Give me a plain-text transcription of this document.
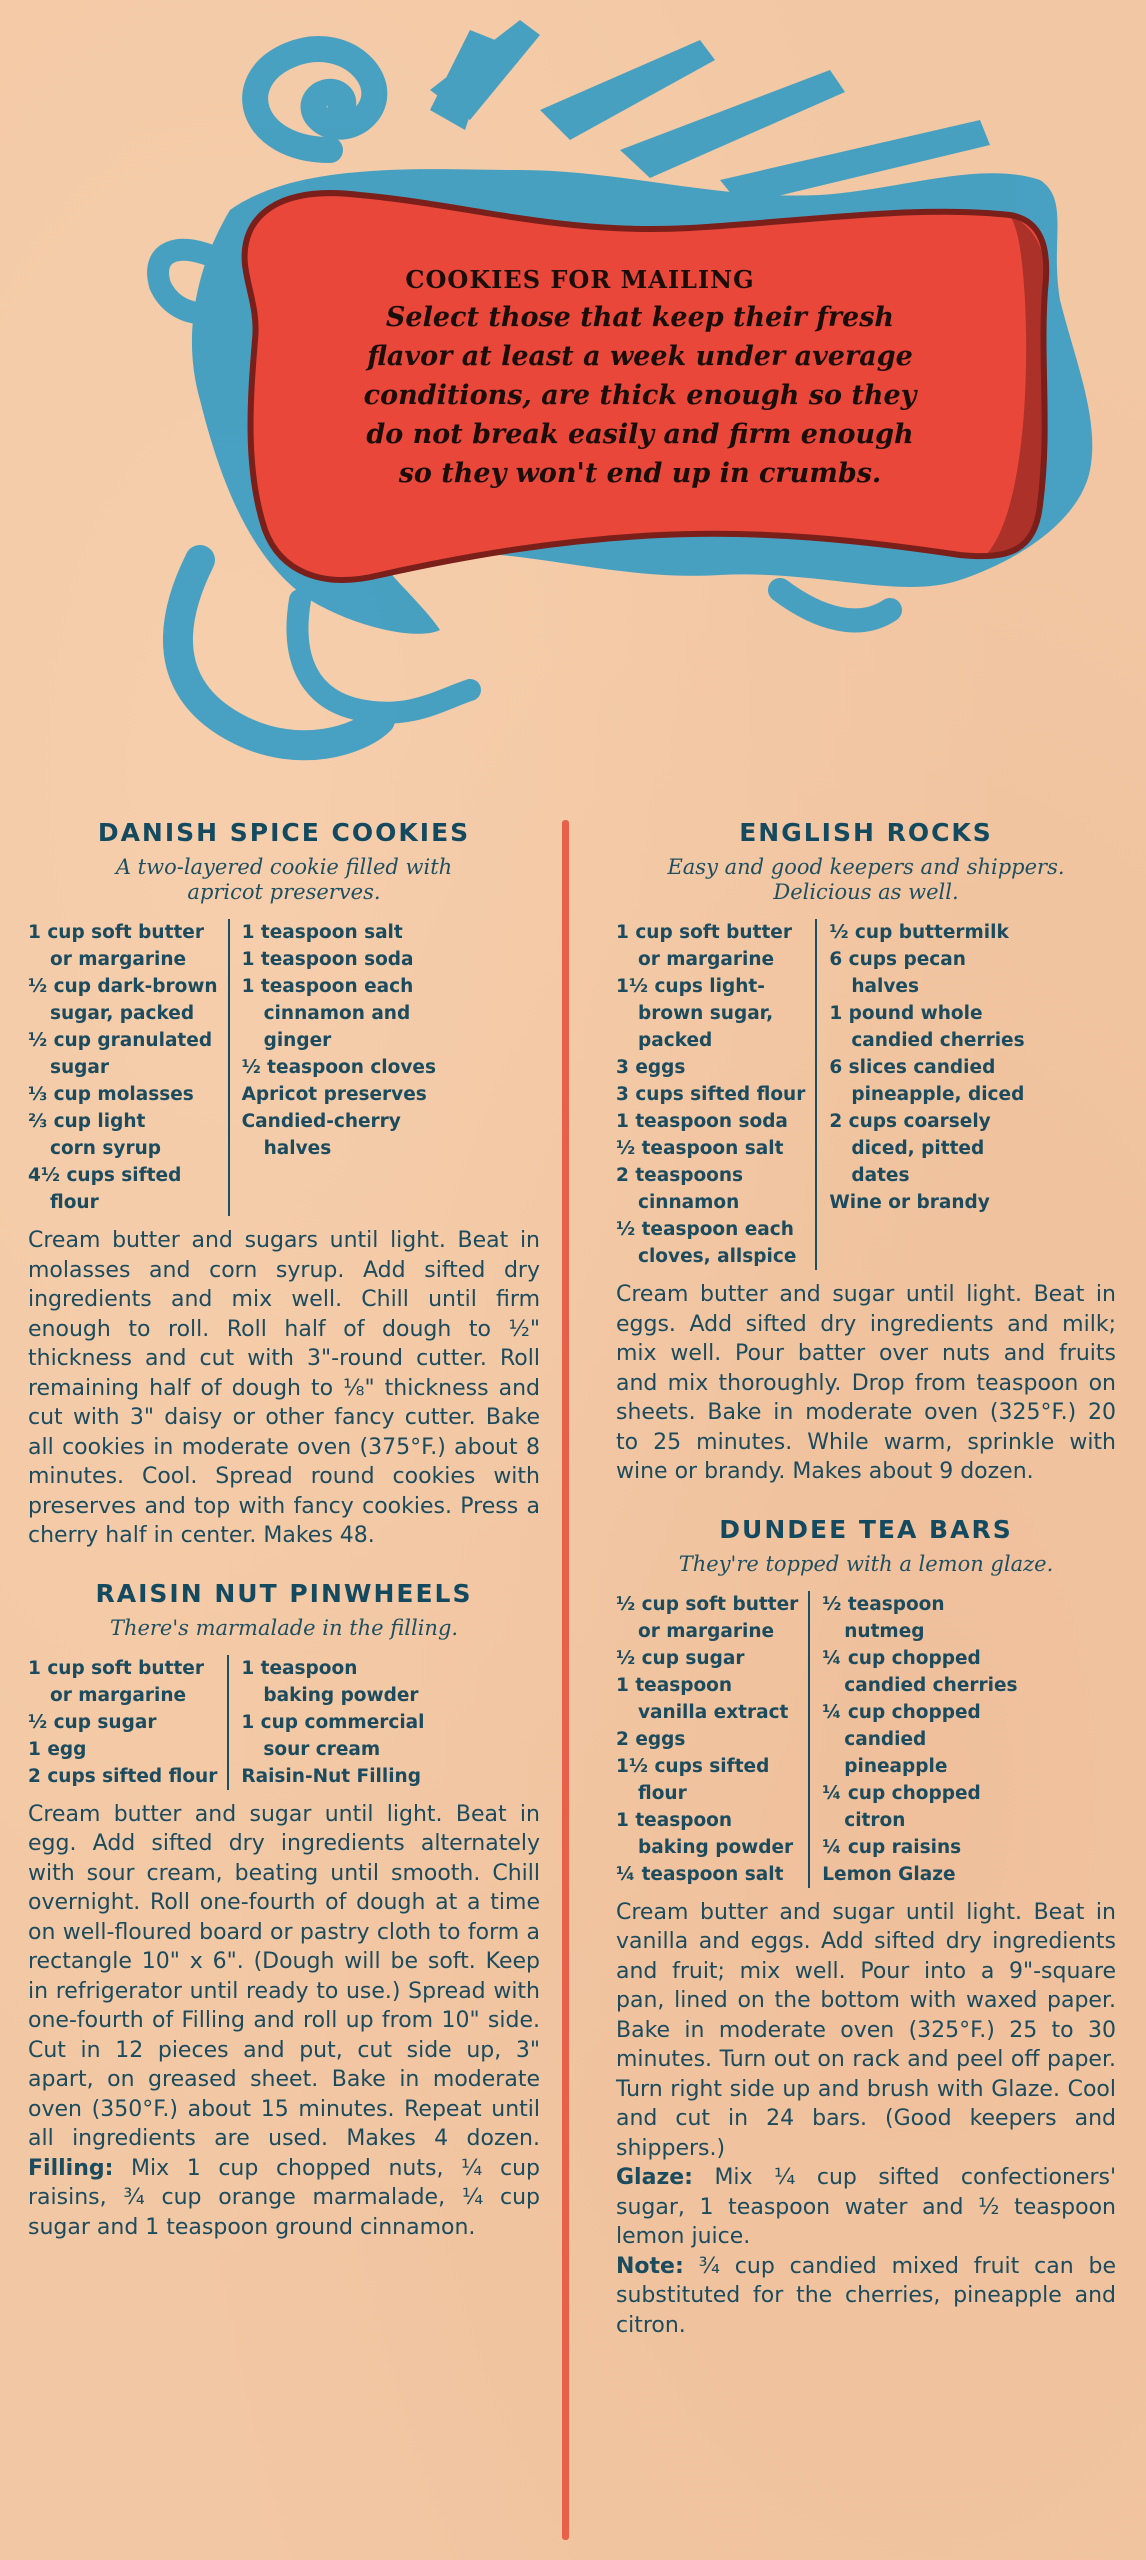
COOKIES FOR MAILING
Select those that keep their fresh flavor at least a week under average conditions, are thick enough so they do not break easily and firm enough so they won't end up in crumbs.
DANISH SPICE COOKIES
A two-layered cookie filled with
apricot preserves.
1 cup soft butter
or margarine
½ cup dark-brown
sugar, packed
½ cup granulated
sugar
⅓ cup molasses
⅔ cup light
corn syrup
4½ cups sifted
flour
1 teaspoon salt
1 teaspoon soda
1 teaspoon each
cinnamon and
ginger
½ teaspoon cloves
Apricot preserves
Candied-cherry
halves

Cream butter and sugars until light. Beat in molasses and corn syrup. Add sifted dry ingredients and mix well. Chill until firm enough to roll. Roll half of dough to ½" thickness and cut with 3"-round cutter. Roll remaining half of dough to ⅛" thickness and cut with 3" daisy or other fancy cutter. Bake all cookies in moderate oven (375°F.) about 8 minutes. Cool. Spread round cookies with preserves and top with fancy cookies. Press a cherry half in center. Makes 48.

RAISIN NUT PINWHEELS
There's marmalade in the filling.
1 cup soft butter
or margarine
½ cup sugar
1 egg
2 cups sifted flour
1 teaspoon
baking powder
1 cup commercial
sour cream
Raisin-Nut Filling

Cream butter and sugar until light. Beat in egg. Add sifted dry ingredients alternately with sour cream, beating until smooth. Chill overnight. Roll one-fourth of dough at a time on well-floured board or pastry cloth to form a rectangle 10" x 6". (Dough will be soft. Keep in refrigerator until ready to use.) Spread with one-fourth of Filling and roll up from 10" side. Cut in 12 pieces and put, cut side up, 3" apart, on greased sheet. Bake in moderate oven (350°F.) about 15 minutes. Repeat until all ingredients are used. Makes 4 dozen. Filling: Mix 1 cup chopped nuts, ¼ cup raisins, ¾ cup orange marmalade, ¼ cup sugar and 1 teaspoon ground cinnamon.

ENGLISH ROCKS
Easy and good keepers and shippers.
Delicious as well.
1 cup soft butter
or margarine
1½ cups light-
brown sugar,
packed
3 eggs
3 cups sifted flour
1 teaspoon soda
½ teaspoon salt
2 teaspoons
cinnamon
½ teaspoon each
cloves, allspice
½ cup buttermilk
6 cups pecan
halves
1 pound whole
candied cherries
6 slices candied
pineapple, diced
2 cups coarsely
diced, pitted
dates
Wine or brandy

Cream butter and sugar until light. Beat in eggs. Add sifted dry ingredients and milk; mix well. Pour batter over nuts and fruits and mix thoroughly. Drop from teaspoon on sheets. Bake in moderate oven (325°F.) 20 to 25 minutes. While warm, sprinkle with wine or brandy. Makes about 9 dozen.

DUNDEE TEA BARS
They're topped with a lemon glaze.
½ cup soft butter
or margarine
½ cup sugar
1 teaspoon
vanilla extract
2 eggs
1½ cups sifted
flour
1 teaspoon
baking powder
¼ teaspoon salt
½ teaspoon
nutmeg
¼ cup chopped
candied cherries
¼ cup chopped
candied
pineapple
¼ cup chopped
citron
¼ cup raisins
Lemon Glaze

Cream butter and sugar until light. Beat in vanilla and eggs. Add sifted dry ingredients and fruit; mix well. Pour into a 9"-square pan, lined on the bottom with waxed paper. Bake in moderate oven (325°F.) 25 to 30 minutes. Turn out on rack and peel off paper. Turn right side up and brush with Glaze. Cool and cut in 24 bars. (Good keepers and shippers.)

Glaze: Mix ¼ cup sifted confectioners' sugar, 1 teaspoon water and ½ teaspoon lemon juice.

Note: ¾ cup candied mixed fruit can be substituted for the cherries, pineapple and citron.
